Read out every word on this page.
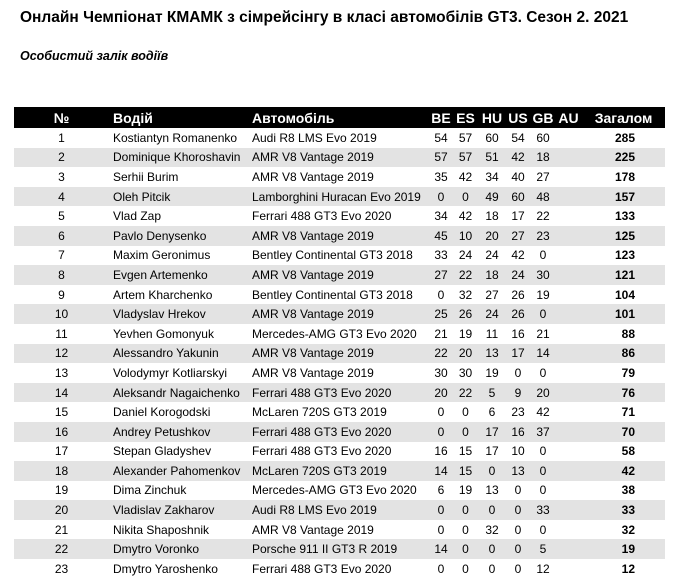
Онлайн Чемпіонат КМАМК з сімрейсінгу в класі автомобілів GT3. Сезон 2. 2021
Особистий залік водіїв
№	Водій	Автомобіль	BE	ES	HU	US	GB	AU	Загалом
1	Kostiantyn Romanenko	Audi R8 LMS Evo 2019	54	57	60	54	60		285
2	Dominique Khoroshavin	AMR V8 Vantage 2019	57	57	51	42	18		225
3	Serhii Burim	AMR V8 Vantage 2019	35	42	34	40	27		178
4	Oleh Pitcik	Lamborghini Huracan Evo 2019	0	0	49	60	48		157
5	Vlad Zap	Ferrari 488 GT3 Evo 2020	34	42	18	17	22		133
6	Pavlo Denysenko	AMR V8 Vantage 2019	45	10	20	27	23		125
7	Maxim Geronimus	Bentley Continental GT3 2018	33	24	24	42	0		123
8	Evgen Artemenko	AMR V8 Vantage 2019	27	22	18	24	30		121
9	Artem Kharchenko	Bentley Continental GT3 2018	0	32	27	26	19		104
10	Vladyslav Hrekov	AMR V8 Vantage 2019	25	26	24	26	0		101
11	Yevhen Gomonyuk	Mercedes-AMG GT3 Evo 2020	21	19	11	16	21		88
12	Alessandro Yakunin	AMR V8 Vantage 2019	22	20	13	17	14		86
13	Volodymyr Kotliarskyi	AMR V8 Vantage 2019	30	30	19	0	0		79
14	Aleksandr Nagaichenko	Ferrari 488 GT3 Evo 2020	20	22	5	9	20		76
15	Daniel Korogodski	McLaren 720S GT3 2019	0	0	6	23	42		71
16	Andrey Petushkov	Ferrari 488 GT3 Evo 2020	0	0	17	16	37		70
17	Stepan Gladyshev	Ferrari 488 GT3 Evo 2020	16	15	17	10	0		58
18	Alexander Pahomenkov	McLaren 720S GT3 2019	14	15	0	13	0		42
19	Dima Zinchuk	Mercedes-AMG GT3 Evo 2020	6	19	13	0	0		38
20	Vladislav Zakharov	Audi R8 LMS Evo 2019	0	0	0	0	33		33
21	Nikita Shaposhnik	AMR V8 Vantage 2019	0	0	32	0	0		32
22	Dmytro Voronko	Porsche 911 II GT3 R 2019	14	0	0	0	5		19
23	Dmytro Yaroshenko	Ferrari 488 GT3 Evo 2020	0	0	0	0	12		12
